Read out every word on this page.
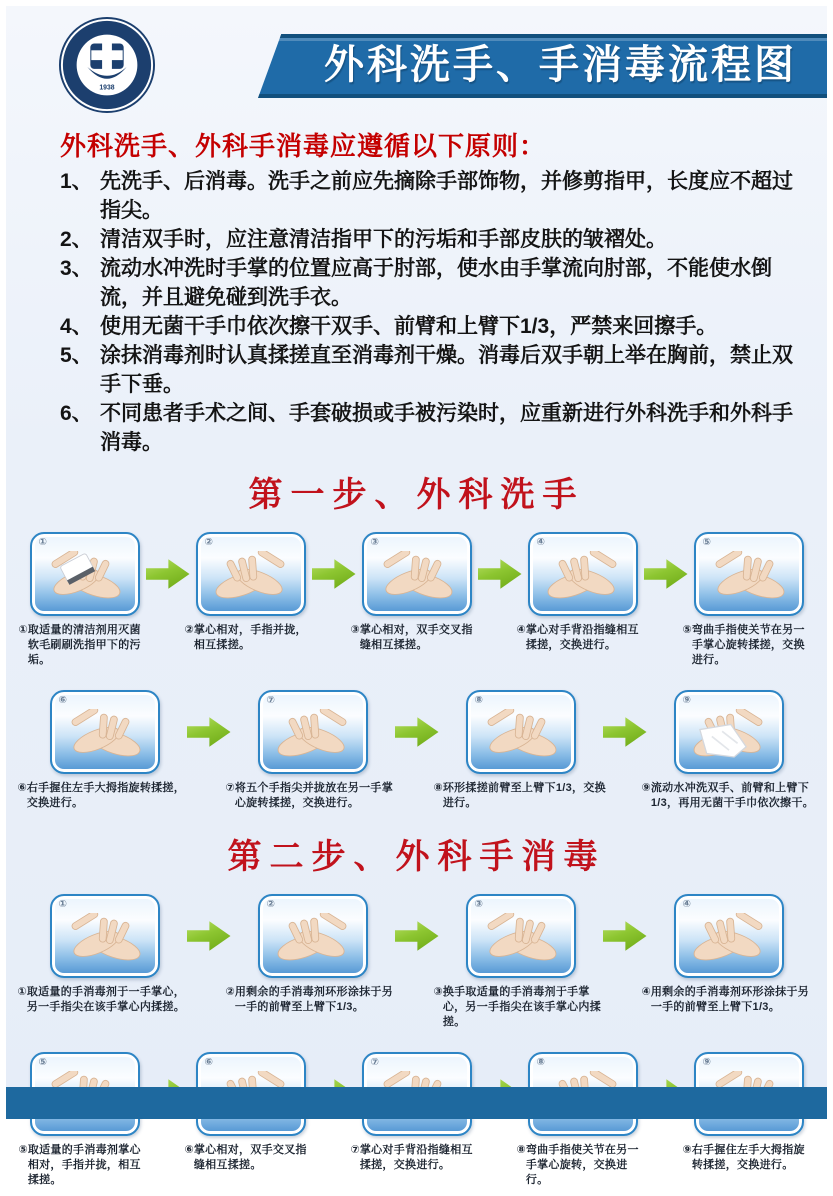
1938
外科洗手、手消毒流程图
外科洗手、外科手消毒应遵循以下原则：
1、 先洗手、后消毒。洗手之前应先摘除手部饰物，并修剪指甲，长度应不超过指尖。
2、 清洁双手时，应注意清洁指甲下的污垢和手部皮肤的皱褶处。
3、 流动水冲洗时手掌的位置应高于肘部，使水由手掌流向肘部，不能使水倒流，并且避免碰到洗手衣。
4、 使用无菌干手巾依次擦干双手、前臂和上臂下1/3，严禁来回擦手。
5、 涂抹消毒剂时认真揉搓直至消毒剂干燥。消毒后双手朝上举在胸前，禁止双手下垂。
6、 不同患者手术之间、手套破损或手被污染时，应重新进行外科洗手和外科手消毒。
第一步、外科洗手
①
① 取适量的清洁剂用灭菌软毛刷刷洗指甲下的污垢。
②
② 掌心相对，手指并拢，相互揉搓。
③
③ 掌心相对，双手交叉指缝相互揉搓。
④
④ 掌心对手背沿指缝相互揉搓，交换进行。
⑤
⑤ 弯曲手指使关节在另一手掌心旋转揉搓，交换进行。
⑥
⑥ 右手握住左手大拇指旋转揉搓，交换进行。
⑦
⑦ 将五个手指尖并拢放在另一手掌心旋转揉搓，交换进行。
⑧
⑧ 环形揉搓前臂至上臂下1/3，交换进行。
⑨
⑨ 流动水冲洗双手、前臂和上臂下1/3，再用无菌干手巾依次擦干。
第二步、外科手消毒
①
① 取适量的手消毒剂于一手掌心，另一手指尖在该手掌心内揉搓。
②
② 用剩余的手消毒剂环形涂抹于另一手的前臂至上臂下1/3。
③
③ 换手取适量的手消毒剂于手掌心，另一手指尖在该手掌心内揉搓。
④
④ 用剩余的手消毒剂环形涂抹于另一手的前臂至上臂下1/3。
⑤
⑤ 取适量的手消毒剂掌心相对，手指并拢，相互揉搓。
⑥
⑥ 掌心相对，双手交叉指缝相互揉搓。
⑦
⑦ 掌心对手背沿指缝相互揉搓，交换进行。
⑧
⑧ 弯曲手指使关节在另一手掌心旋转，交换进行。
⑨
⑨ 右手握住左手大拇指旋转揉搓，交换进行。
